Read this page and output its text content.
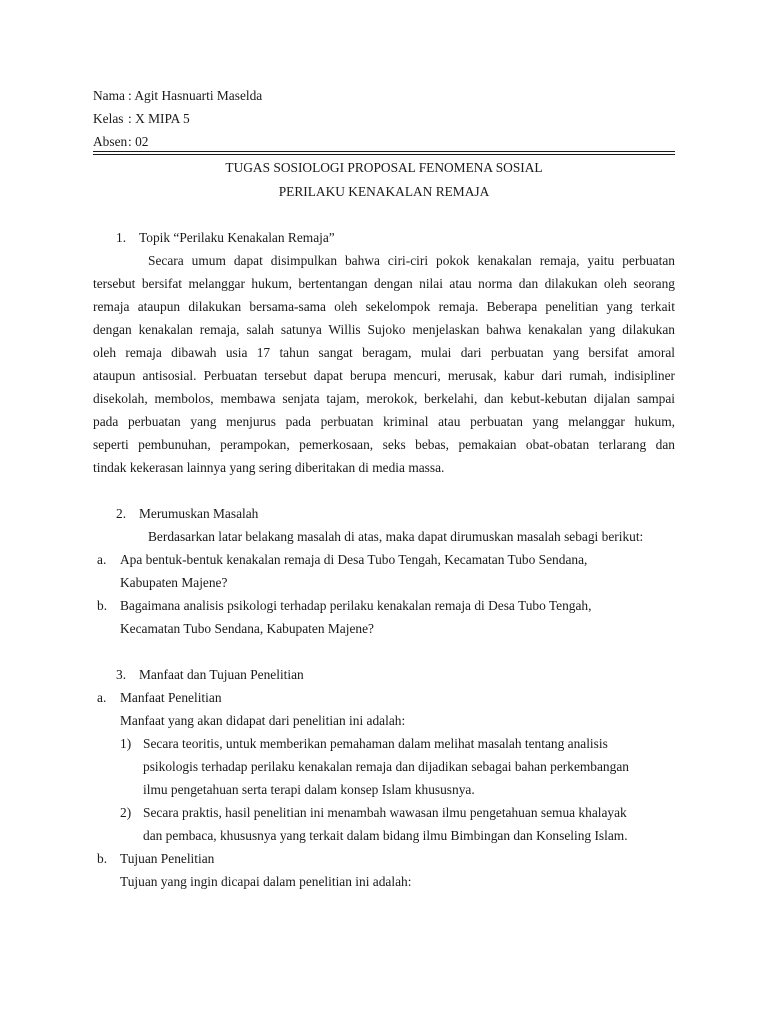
Nama : Agit Hasnuarti Maselda
Kelas : X MIPA 5
Absen: 02
TUGAS SOSIOLOGI PROPOSAL FENOMENA SOSIAL
PERILAKU KENAKALAN REMAJA
1. Topik “Perilaku Kenakalan Remaja”
Secara umum dapat disimpulkan bahwa ciri-ciri pokok kenakalan remaja, yaitu perbuatan
tersebut bersifat melanggar hukum, bertentangan dengan nilai atau norma dan dilakukan oleh seorang
remaja ataupun dilakukan bersama-sama oleh sekelompok remaja. Beberapa penelitian yang terkait
dengan kenakalan remaja, salah satunya Willis Sujoko menjelaskan bahwa kenakalan yang dilakukan
oleh remaja dibawah usia 17 tahun sangat beragam, mulai dari perbuatan yang bersifat amoral
ataupun antisosial. Perbuatan tersebut dapat berupa mencuri, merusak, kabur dari rumah, indisipliner
disekolah, membolos, membawa senjata tajam, merokok, berkelahi, dan kebut-kebutan dijalan sampai
pada perbuatan yang menjurus pada perbuatan kriminal atau perbuatan yang melanggar hukum,
seperti pembunuhan, perampokan, pemerkosaan, seks bebas, pemakaian obat-obatan terlarang dan
tindak kekerasan lainnya yang sering diberitakan di media massa.
2. Merumuskan Masalah
Berdasarkan latar belakang masalah di atas, maka dapat dirumuskan masalah sebagi berikut:
a. Apa bentuk-bentuk kenakalan remaja di Desa Tubo Tengah, Kecamatan Tubo Sendana,
Kabupaten Majene?
b. Bagaimana analisis psikologi terhadap perilaku kenakalan remaja di Desa Tubo Tengah,
Kecamatan Tubo Sendana, Kabupaten Majene?
3. Manfaat dan Tujuan Penelitian
a. Manfaat Penelitian
Manfaat yang akan didapat dari penelitian ini adalah:
1) Secara teoritis, untuk memberikan pemahaman dalam melihat masalah tentang analisis
psikologis terhadap perilaku kenakalan remaja dan dijadikan sebagai bahan perkembangan
ilmu pengetahuan serta terapi dalam konsep Islam khususnya.
2) Secara praktis, hasil penelitian ini menambah wawasan ilmu pengetahuan semua khalayak
dan pembaca, khususnya yang terkait dalam bidang ilmu Bimbingan dan Konseling Islam.
b. Tujuan Penelitian
Tujuan yang ingin dicapai dalam penelitian ini adalah:
